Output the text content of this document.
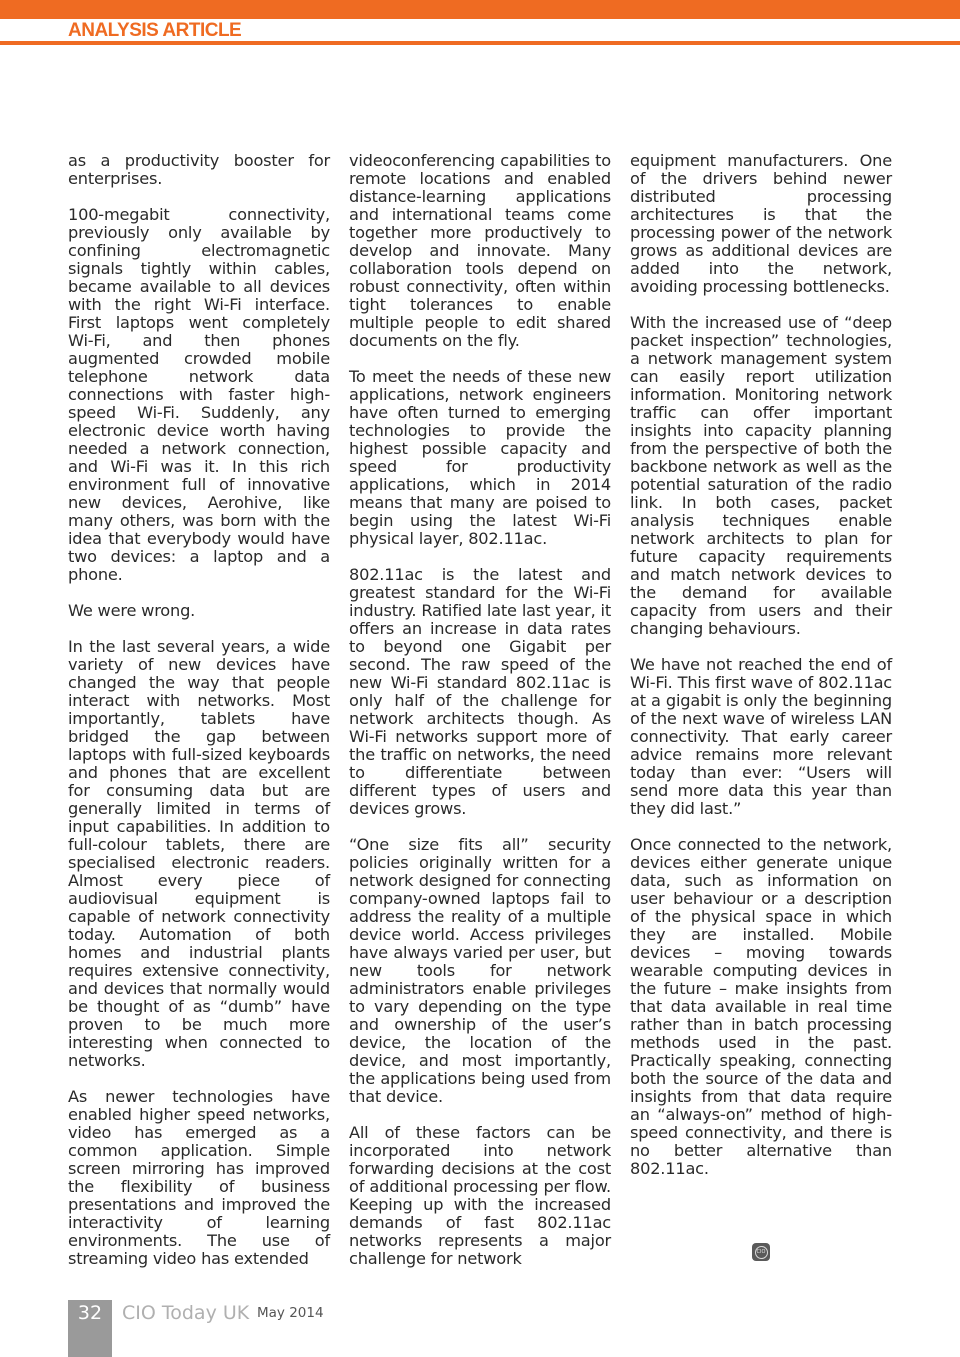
ANALYSIS ARTICLE

as a productivity booster for enterprises.

100-megabit connectivity, previously only available by confining electromagnetic signals tightly within cables, became available to all devices with the right Wi-Fi interface. First laptops went completely Wi-Fi, and then phones augmented crowded mobile telephone network data connections with faster high-speed Wi-Fi. Suddenly, any electronic device worth having needed a network connection, and Wi-Fi was it. In this rich environment full of innovative new devices, Aerohive, like many others, was born with the idea that everybody would have two devices: a laptop and a phone.

We were wrong.

In the last several years, a wide variety of new devices have changed the way that people interact with networks. Most importantly, tablets have bridged the gap between laptops with full-sized keyboards and phones that are excellent for consuming data but are generally limited in terms of input capabilities. In addition to full-colour tablets, there are specialised electronic readers. Almost every piece of audiovisual equipment is capable of network connectivity today. Automation of both homes and industrial plants requires extensive connectivity, and devices that normally would be thought of as “dumb” have proven to be much more interesting when connected to networks.

As newer technologies have enabled higher speed networks, video has emerged as a common application. Simple screen mirroring has improved the flexibility of business presentations and improved the interactivity of learning environments. The use of streaming video has extended

videoconferencing capabilities to remote locations and enabled distance-learning applications and international teams come together more productively to develop and innovate. Many collaboration tools depend on robust connectivity, often within tight tolerances to enable multiple people to edit shared documents on the fly.

To meet the needs of these new applications, network engineers have often turned to emerging technologies to provide the highest possible capacity and speed for productivity applications, which in 2014 means that many are poised to begin using the latest Wi-Fi physical layer, 802.11ac.

802.11ac is the latest and greatest standard for the Wi-Fi industry. Ratified late last year, it offers an increase in data rates to beyond one Gigabit per second. The raw speed of the new Wi-Fi standard 802.11ac is only half of the challenge for network architects though. As Wi-Fi networks support more of the traffic on networks, the need to differentiate between different types of users and devices grows.

“One size fits all” security policies originally written for a network designed for connecting company-owned laptops fail to address the reality of a multiple device world. Access privileges have always varied per user, but new tools for network administrators enable privileges to vary depending on the type and ownership of the user’s device, the location of the device, and most importantly, the applications being used from that device.

All of these factors can be incorporated into network forwarding decisions at the cost of additional processing per flow. Keeping up with the increased demands of fast 802.11ac networks represents a major challenge for network

equipment manufacturers. One of the drivers behind newer distributed processing architectures is that the processing power of the network grows as additional devices are added into the network, avoiding processing bottlenecks.

With the increased use of “deep packet inspection” technologies, a network management system can easily report utilization information. Monitoring network traffic can offer important insights into capacity planning from the perspective of both the backbone network as well as the potential saturation of the radio link. In both cases, packet analysis techniques enable network architects to plan for future capacity requirements and match network devices to the demand for available capacity from users and their changing behaviours.

We have not reached the end of Wi-Fi. This first wave of 802.11ac at a gigabit is only the beginning of the next wave of wireless LAN connectivity. That early career advice remains more relevant today than ever: “Users will send more data this year than they did last.”

Once connected to the network, devices either generate unique data, such as information on user behaviour or a description of the physical space in which they are installed. Mobile devices – moving towards wearable computing devices in the future – make insights from that data available in real time rather than in batch processing methods used in the past. Practically speaking, connecting both the source of the data and insights from that data require an “always-on” method of high-speed connectivity, and there is no better alternative than 802.11ac.

CIO
32	CIO Today UK May 2014
